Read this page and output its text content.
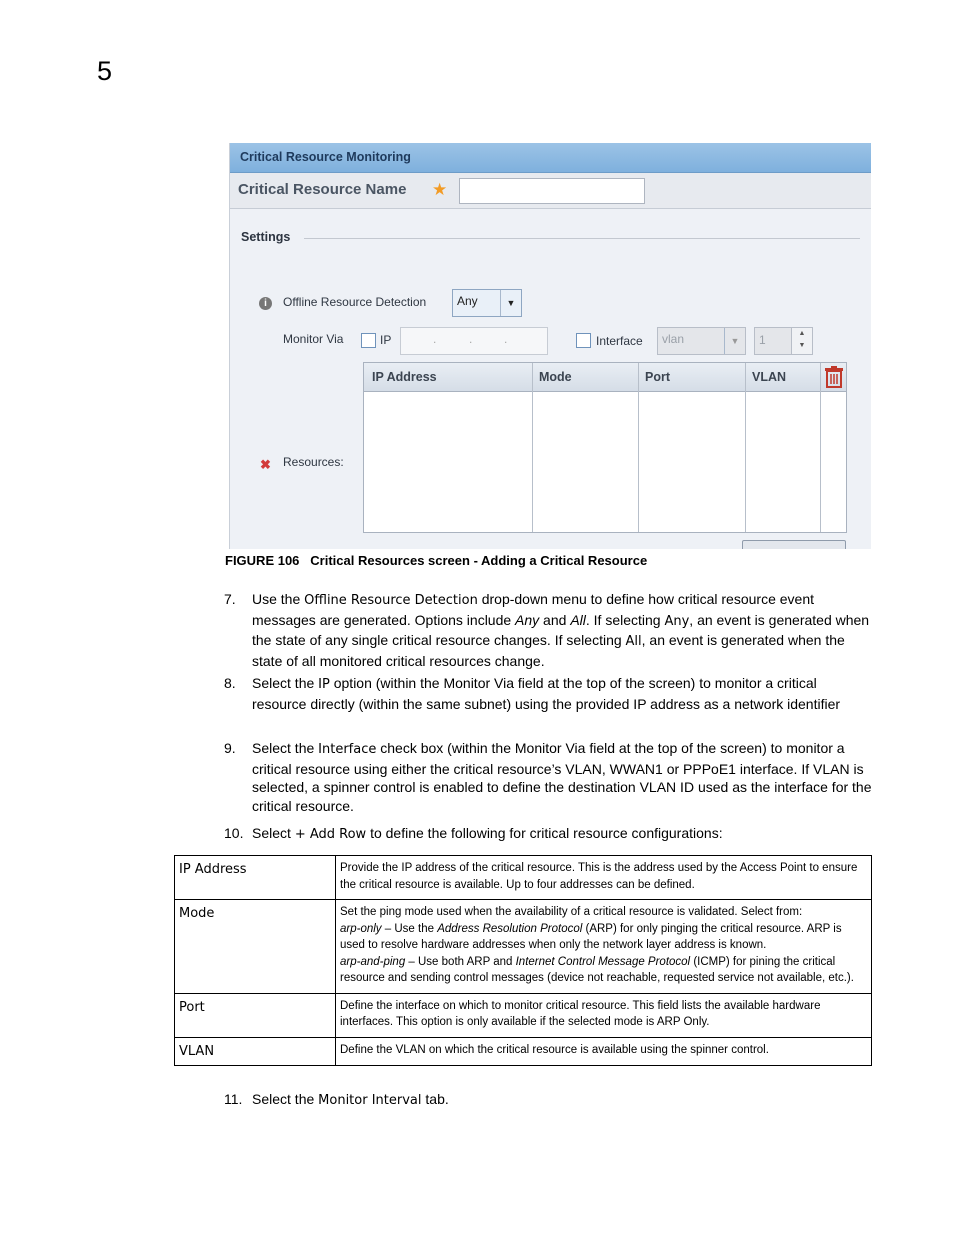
5
Critical Resource Monitoring
Critical Resource Name ★
Settings
i	Offline Resource Detection	Any	▼
Monitor Via	IP	.	.	.	Interface vlan	▼	1	▲
▼
IP Address	Mode	Port	VLAN
✖ Resources:
FIGURE 106 Critical Resources screen - Adding a Critical Resource
7. Use the Offline Resource Detection drop-down menu to define how critical resource event messages are generated. Options include Any and All. If selecting Any, an event is generated when the state of any single critical resource changes. If selecting All, an event is generated when the state of all monitored critical resources change.
8. Select the IP option (within the Monitor Via field at the top of the screen) to monitor a critical resource directly (within the same subnet) using the provided IP address as a network identifier
9. Select the Interface check box (within the Monitor Via field at the top of the screen) to monitor a critical resource using either the critical resource’s VLAN, WWAN1 or PPPoE1 interface. If VLAN is selected, a spinner control is enabled to define the destination VLAN ID used as the interface for the critical resource.
10. Select + Add Row to define the following for critical resource configurations:
IP Address	Provide the IP address of the critical resource. This is the address used by the Access Point to ensure the critical resource is available. Up to four addresses can be defined.
Mode	Set the ping mode used when the availability of a critical resource is validated. Select from:

arp-only – Use the Address Resolution Protocol (ARP) for only pinging the critical resource. ARP is used to resolve hardware addresses when only the network layer address is known.

arp-and-ping – Use both ARP and Internet Control Message Protocol (ICMP) for pining the critical resource and sending control messages (device not reachable, requested service not available, etc.).

Port	Define the interface on which to monitor critical resource. This field lists the available hardware interfaces. This option is only available if the selected mode is ARP Only.
VLAN	Define the VLAN on which the critical resource is available using the spinner control.
11. Select the Monitor Interval tab.
